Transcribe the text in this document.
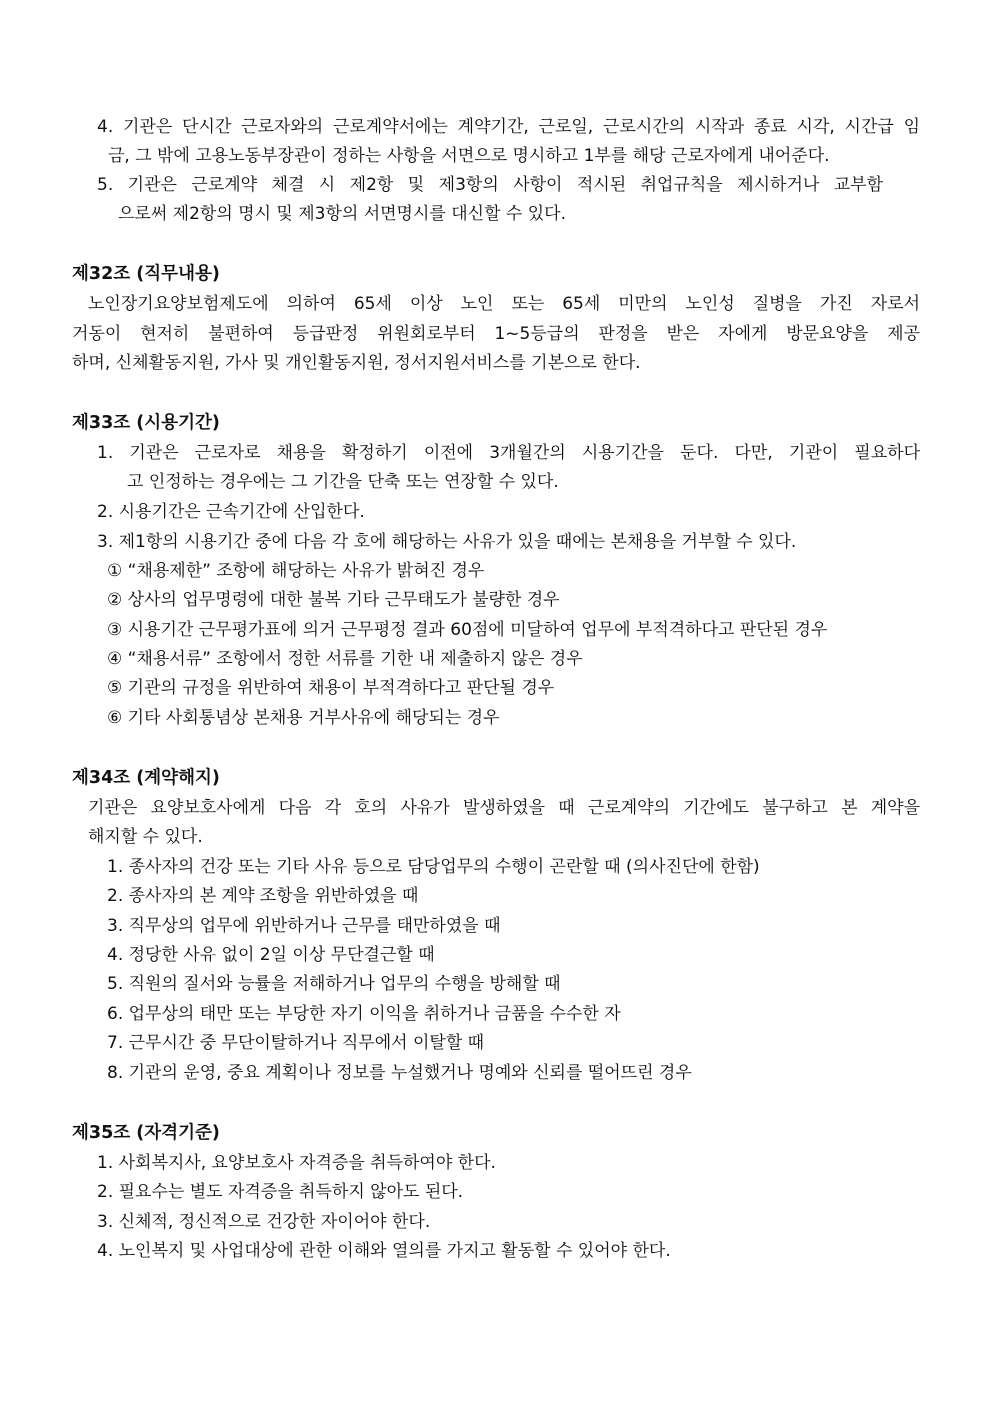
4. 기관은 단시간 근로자와의 근로계약서에는 계약기간, 근로일, 근로시간의 시작과 종료 시각, 시간급 임
금, 그 밖에 고용노동부장관이 정하는 사항을 서면으로 명시하고 1부를 해당 근로자에게 내어준다.
5. 기관은 근로계약 체결 시 제2항 및 제3항의 사항이 적시된 취업규칙을 제시하거나 교부함
으로써 제2항의 명시 및 제3항의 서면명시를 대신할 수 있다.
제32조 (직무내용)
노인장기요양보험제도에 의하여 65세 이상 노인 또는 65세 미만의 노인성 질병을 가진 자로서
거동이 현저히 불편하여 등급판정 위원회로부터 1~5등급의 판정을 받은 자에게 방문요양을 제공
하며, 신체활동지원, 가사 및 개인활동지원, 정서지원서비스를 기본으로 한다.
제33조 (시용기간)
1. 기관은 근로자로 채용을 확정하기 이전에 3개월간의 시용기간을 둔다. 다만, 기관이 필요하다
고 인정하는 경우에는 그 기간을 단축 또는 연장할 수 있다.
2. 시용기간은 근속기간에 산입한다.
3. 제1항의 시용기간 중에 다음 각 호에 해당하는 사유가 있을 때에는 본채용을 거부할 수 있다.
① “채용제한” 조항에 해당하는 사유가 밝혀진 경우
② 상사의 업무명령에 대한 불복 기타 근무태도가 불량한 경우
③ 시용기간 근무평가표에 의거 근무평정 결과 60점에 미달하여 업무에 부적격하다고 판단된 경우
④ “채용서류” 조항에서 정한 서류를 기한 내 제출하지 않은 경우
⑤ 기관의 규정을 위반하여 채용이 부적격하다고 판단될 경우
⑥ 기타 사회통념상 본채용 거부사유에 해당되는 경우
제34조 (계약해지)
기관은 요양보호사에게 다음 각 호의 사유가 발생하였을 때 근로계약의 기간에도 불구하고 본 계약을
해지할 수 있다.
1. 종사자의 건강 또는 기타 사유 등으로 담당업무의 수행이 곤란할 때 (의사진단에 한함)
2. 종사자의 본 계약 조항을 위반하였을 때
3. 직무상의 업무에 위반하거나 근무를 태만하였을 때
4. 정당한 사유 없이 2일 이상 무단결근할 때
5. 직원의 질서와 능률을 저해하거나 업무의 수행을 방해할 때
6. 업무상의 태만 또는 부당한 자기 이익을 취하거나 금품을 수수한 자
7. 근무시간 중 무단이탈하거나 직무에서 이탈할 때
8. 기관의 운영, 중요 계획이나 정보를 누설했거나 명예와 신뢰를 떨어뜨린 경우
제35조 (자격기준)
1. 사회복지사, 요양보호사 자격증을 취득하여야 한다.
2. 필요수는 별도 자격증을 취득하지 않아도 된다.
3. 신체적, 정신적으로 건강한 자이어야 한다.
4. 노인복지 및 사업대상에 관한 이해와 열의를 가지고 활동할 수 있어야 한다.
